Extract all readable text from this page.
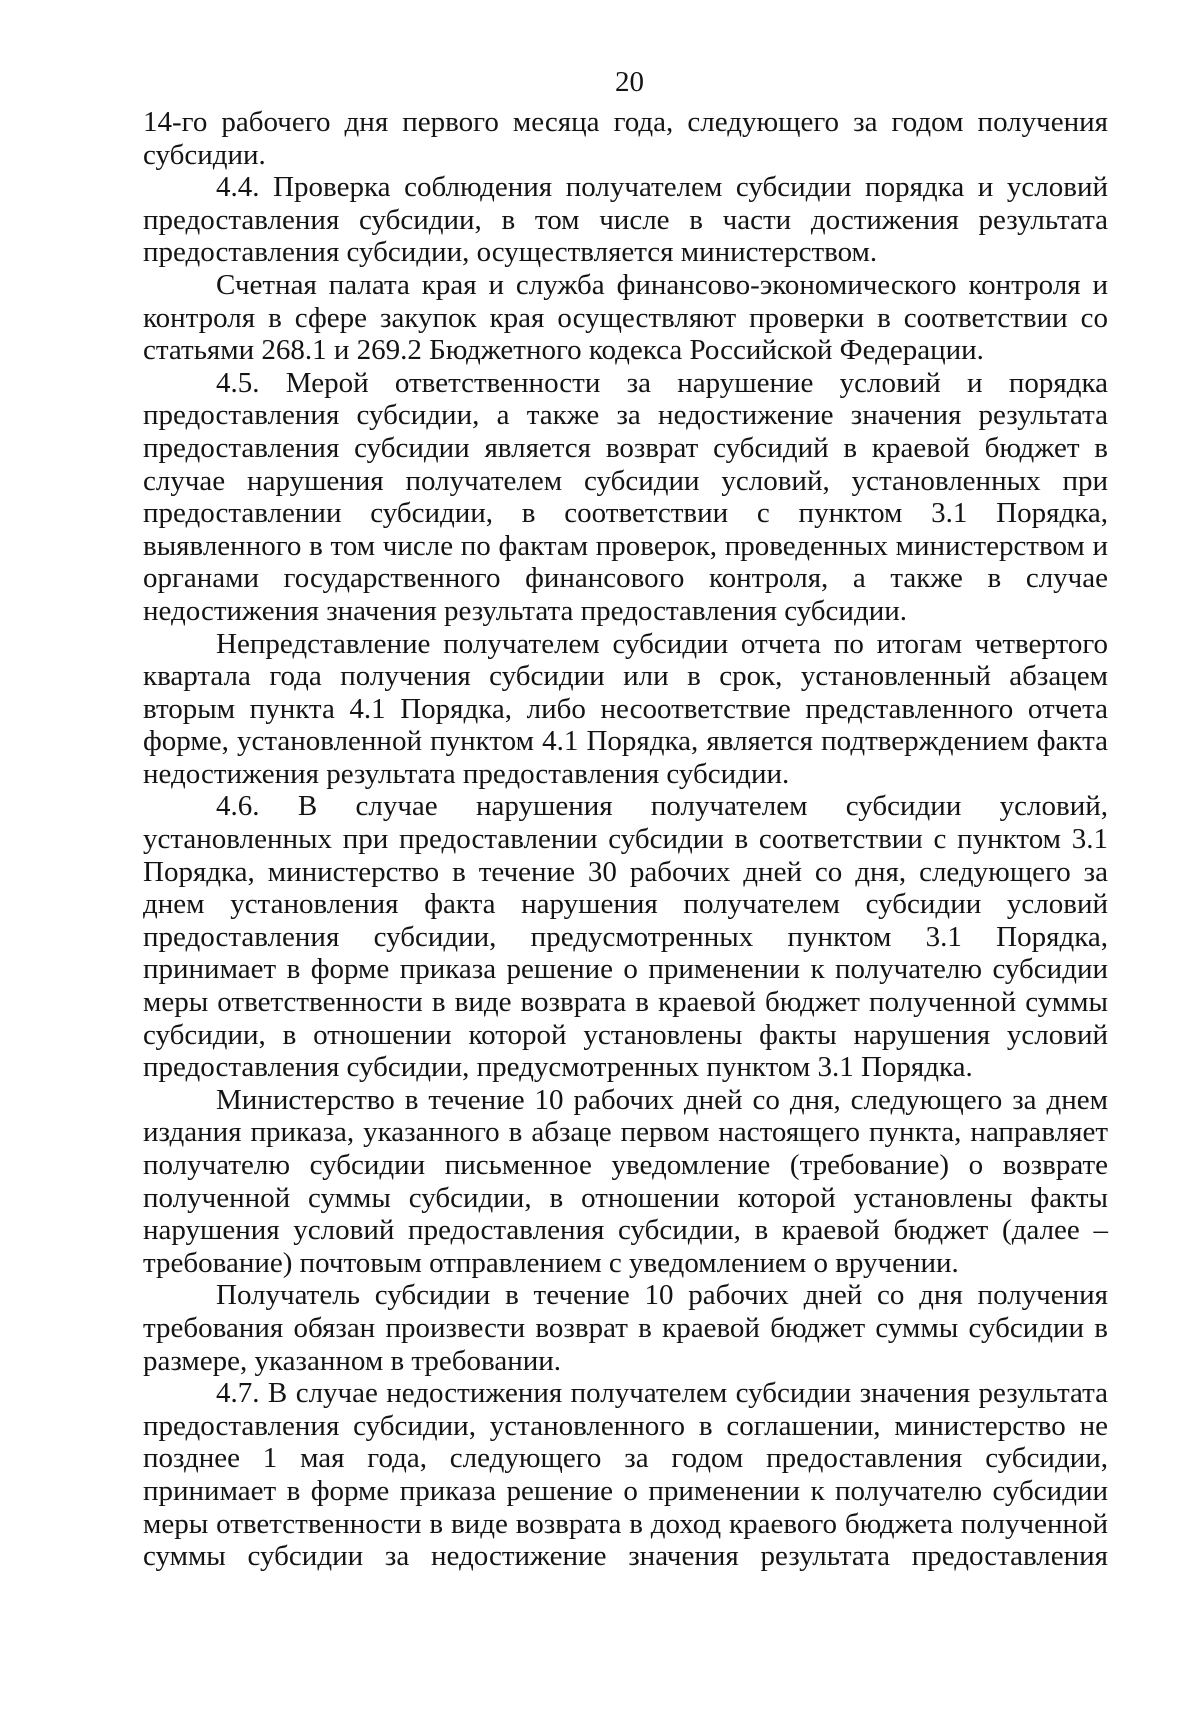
20

14-го рабочего дня первого месяца года, следующего за годом получения субсидии.

4.4. Проверка соблюдения получателем субсидии порядка и условий предоставления субсидии, в том числе в части достижения результата предоставления субсидии, осуществляется министерством.

Счетная палата края и служба финансово-экономического контроля и контроля в сфере закупок края осуществляют проверки в соответствии со статьями 268.1 и 269.2 Бюджетного кодекса Российской Федерации.

4.5. Мерой ответственности за нарушение условий и порядка предоставления субсидии, а также за недостижение значения результата предоставления субсидии является возврат субсидий в краевой бюджет в случае нарушения получателем субсидии условий, установленных при предоставлении субсидии, в соответствии с пунктом 3.1 Порядка, выявленного в том числе по фактам проверок, проведенных министерством и органами государственного финансового контроля, а также в случае недостижения значения результата предоставления субсидии.

Непредставление получателем субсидии отчета по итогам четвертого квартала года получения субсидии или в срок, установленный абзацем вторым пункта 4.1 Порядка, либо несоответствие представленного отчета форме, установленной пунктом 4.1 Порядка, является подтверждением факта недостижения результата предоставления субсидии.

4.6. В случае нарушения получателем субсидии условий, установленных при предоставлении субсидии в соответствии с пунктом 3.1 Порядка, министерство в течение 30 рабочих дней со дня, следующего за днем установления факта нарушения получателем субсидии условий предоставления субсидии, предусмотренных пунктом 3.1 Порядка, принимает в форме приказа решение о применении к получателю субсидии меры ответственности в виде возврата в краевой бюджет полученной суммы субсидии, в отношении которой установлены факты нарушения условий предоставления субсидии, предусмотренных пунктом 3.1 Порядка.

Министерство в течение 10 рабочих дней со дня, следующего за днем издания приказа, указанного в абзаце первом настоящего пункта, направляет получателю субсидии письменное уведомление (требование) о возврате полученной суммы субсидии, в отношении которой установлены факты нарушения условий предоставления субсидии, в краевой бюджет (далее – требование) почтовым отправлением с уведомлением о вручении.

Получатель субсидии в течение 10 рабочих дней со дня получения требования обязан произвести возврат в краевой бюджет суммы субсидии в размере, указанном в требовании.

4.7. В случае недостижения получателем субсидии значения результата предоставления субсидии, установленного в соглашении, министерство не позднее 1 мая года, следующего за годом предоставления субсидии, принимает в форме приказа решение о применении к получателю субсидии меры ответственности в виде возврата в доход краевого бюджета полученной суммы субсидии за недостижение значения результата предоставления
